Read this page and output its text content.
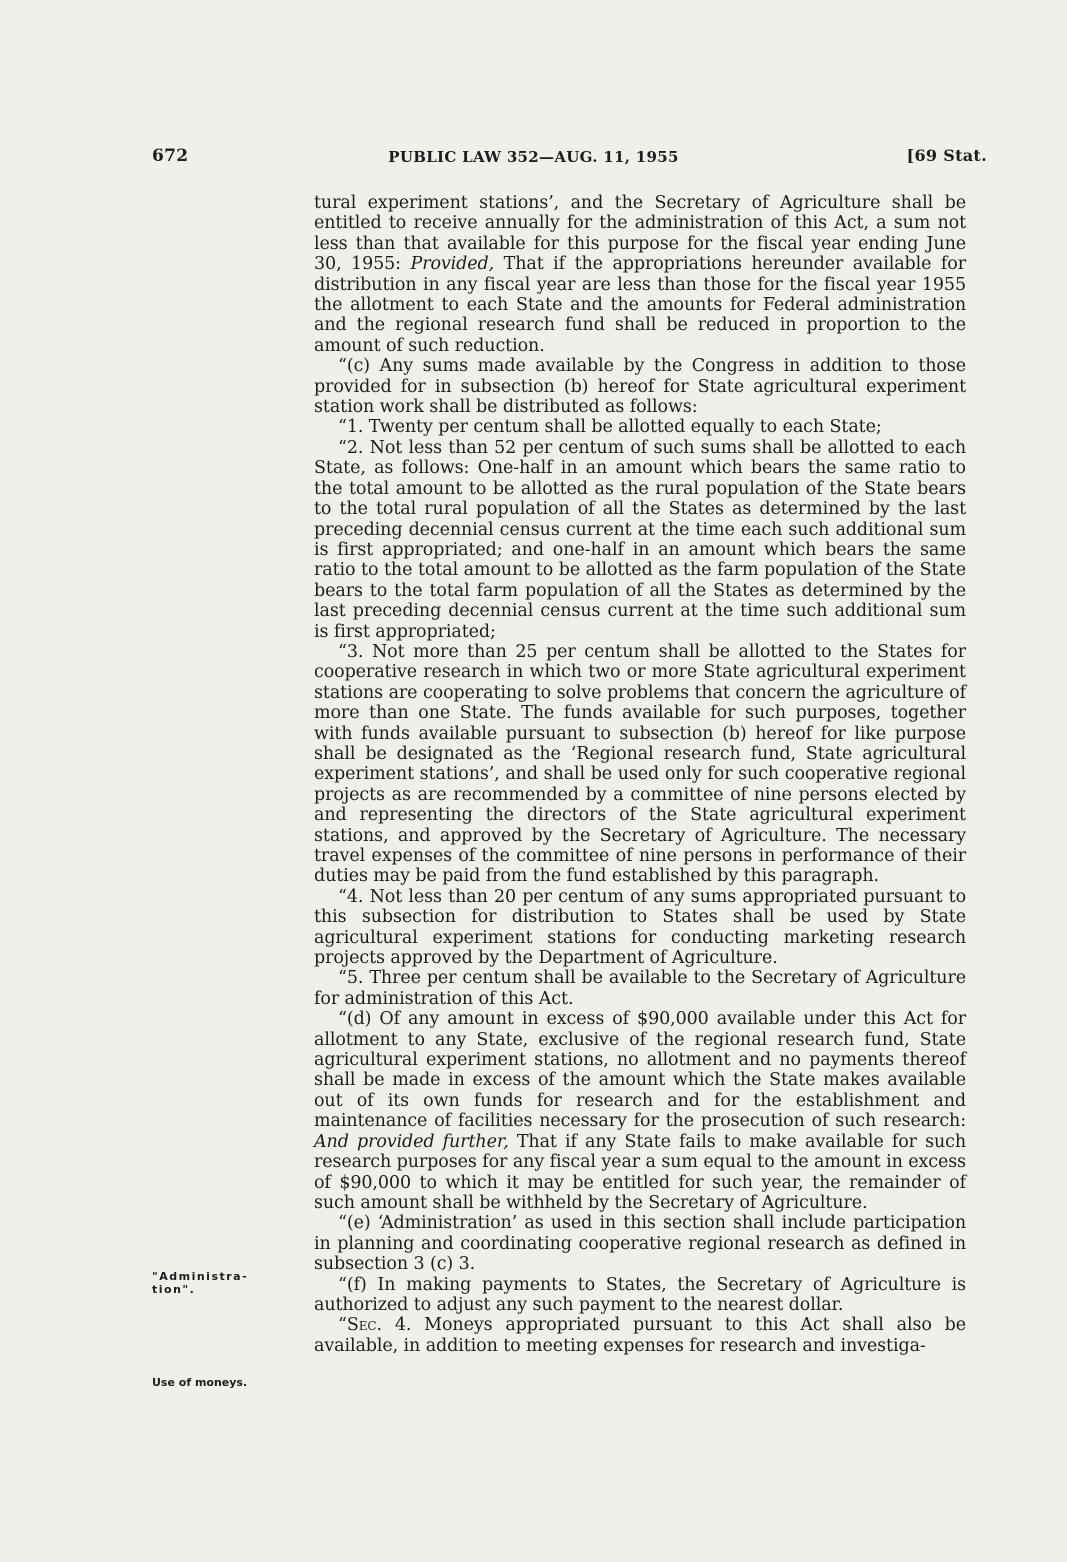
672	PUBLIC LAW 352—AUG. 11, 1955	[69 Stat.
"Administra-
tion".
Use of moneys.

tural experiment stations’, and the Secretary of Agriculture shall be entitled to receive annually for the administration of this Act, a sum not less than that available for this purpose for the fiscal year ending June 30, 1955: Provided, That if the appropriations hereunder available for distribution in any fiscal year are less than those for the fiscal year 1955 the allotment to each State and the amounts for Federal administration and the regional research fund shall be reduced in proportion to the amount of such reduction.

“(c) Any sums made available by the Congress in addition to those provided for in subsection (b) hereof for State agricultural experiment station work shall be distributed as follows:

“1. Twenty per centum shall be allotted equally to each State;

“2. Not less than 52 per centum of such sums shall be allotted to each State, as follows: One-half in an amount which bears the same ratio to the total amount to be allotted as the rural population of the State bears to the total rural population of all the States as determined by the last preceding decennial census current at the time each such additional sum is first appropriated; and one-half in an amount which bears the same ratio to the total amount to be allotted as the farm population of the State bears to the total farm population of all the States as determined by the last preceding decennial census current at the time such additional sum is first appropriated;

“3. Not more than 25 per centum shall be allotted to the States for cooperative research in which two or more State agricultural experiment stations are cooperating to solve problems that concern the agriculture of more than one State. The funds available for such purposes, together with funds available pursuant to subsection (b) hereof for like purpose shall be designated as the ‘Regional research fund, State agricultural experiment stations’, and shall be used only for such cooperative regional projects as are recommended by a committee of nine persons elected by and representing the directors of the State agricultural experiment stations, and approved by the Secretary of Agriculture. The necessary travel expenses of the committee of nine persons in performance of their duties may be paid from the fund established by this paragraph.

“4. Not less than 20 per centum of any sums appropriated pursuant to this subsection for distribution to States shall be used by State agricultural experiment stations for conducting marketing research projects approved by the Department of Agriculture.

“5. Three per centum shall be available to the Secretary of Agriculture for administration of this Act.

“(d) Of any amount in excess of $90,000 available under this Act for allotment to any State, exclusive of the regional research fund, State agricultural experiment stations, no allotment and no payments thereof shall be made in excess of the amount which the State makes available out of its own funds for research and for the establishment and maintenance of facilities necessary for the prosecution of such research: And provided further, That if any State fails to make available for such research purposes for any fiscal year a sum equal to the amount in excess of $90,000 to which it may be entitled for such year, the remainder of such amount shall be withheld by the Secretary of Agriculture.

“(e) ‘Administration’ as used in this section shall include participation in planning and coordinating cooperative regional research as defined in subsection 3 (c) 3.

“(f) In making payments to States, the Secretary of Agriculture is authorized to adjust any such payment to the nearest dollar.

“Sec. 4. Moneys appropriated pursuant to this Act shall also be available, in addition to meeting expenses for research and investiga-
